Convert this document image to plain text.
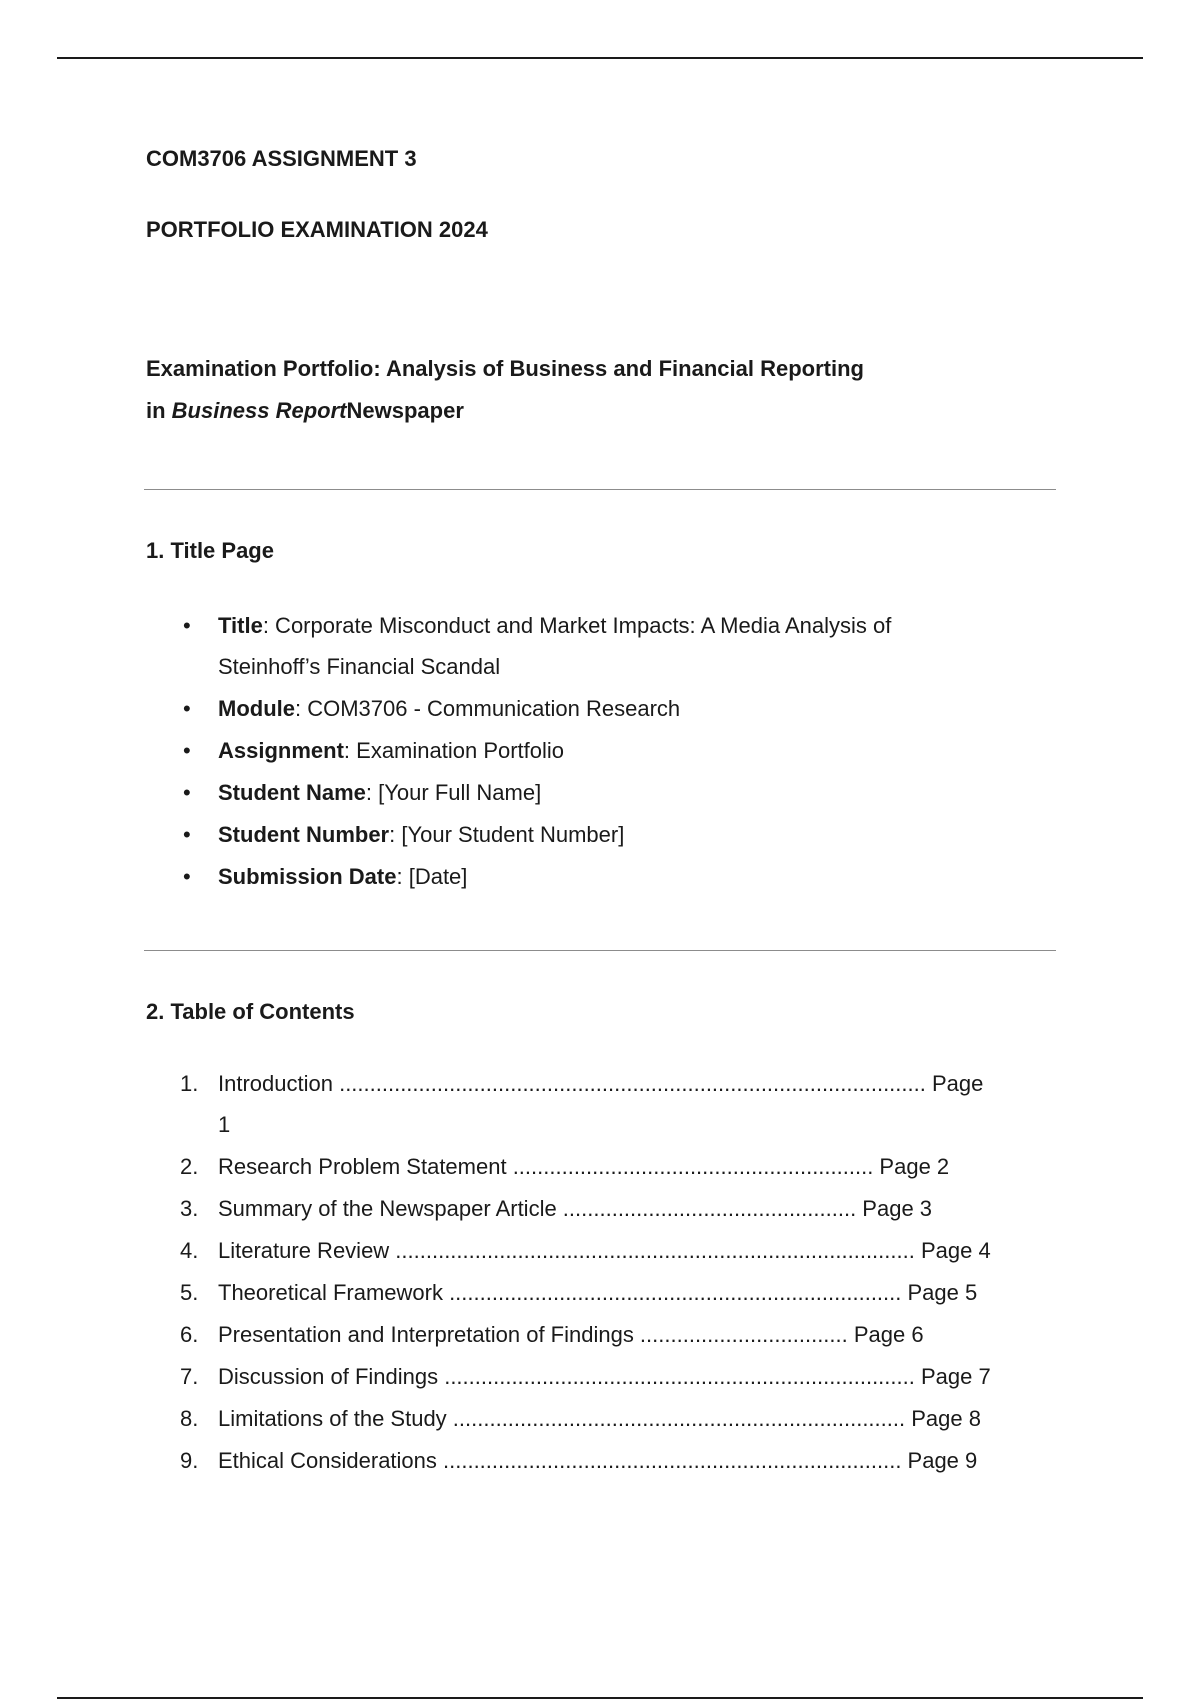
COM3706 ASSIGNMENT 3
PORTFOLIO EXAMINATION 2024
Examination Portfolio: Analysis of Business and Financial Reporting
in Business ReportNewspaper
1. Title Page
• Title: Corporate Misconduct and Market Impacts: A Media Analysis of Steinhoff’s Financial Scandal
• Module: COM3706 - Communication Research
• Assignment: Examination Portfolio
• Student Name: [Your Full Name]
• Student Number: [Your Student Number]
• Submission Date: [Date]
2. Table of Contents
1. Introduction ................................................................................................ Page 1
2. Research Problem Statement ........................................................... Page 2
3. Summary of the Newspaper Article ................................................ Page 3
4. Literature Review ..................................................................................... Page 4
5. Theoretical Framework .......................................................................... Page 5
6. Presentation and Interpretation of Findings .................................. Page 6
7. Discussion of Findings ............................................................................. Page 7
8. Limitations of the Study .......................................................................... Page 8
9. Ethical Considerations ........................................................................... Page 9
